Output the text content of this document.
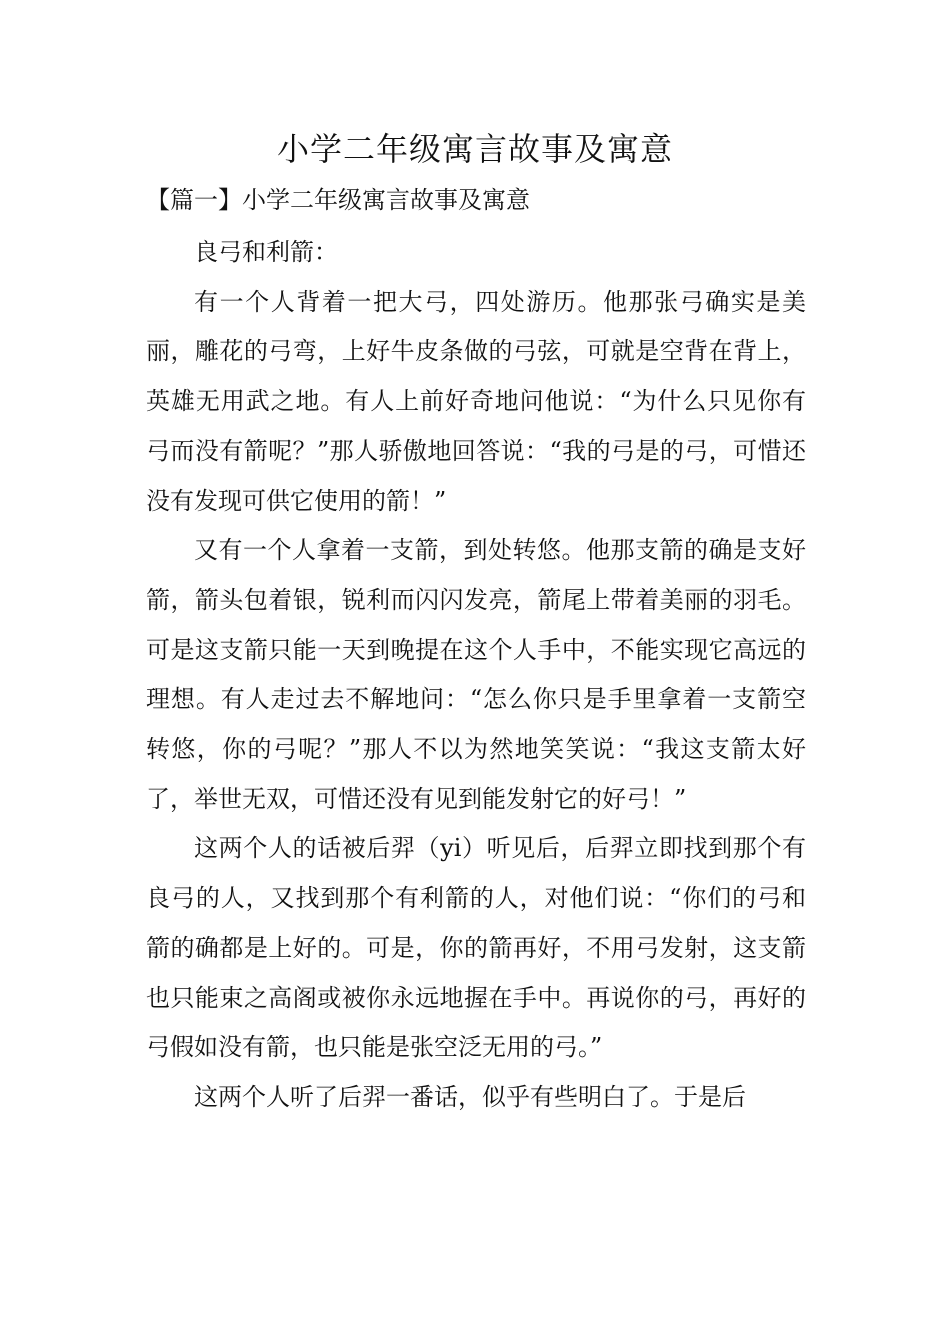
小学二年级寓言故事及寓意
【篇一】小学二年级寓言故事及寓意

良弓和利箭：

有一个人背着一把大弓，四处游历。他那张弓确实是美丽，雕花的弓弯，上好牛皮条做的弓弦，可就是空背在背上，英雄无用武之地。有人上前好奇地问他说：“为什么只见你有弓而没有箭呢？”那人骄傲地回答说：“我的弓是的弓，可惜还没有发现可供它使用的箭！”

又有一个人拿着一支箭，到处转悠。他那支箭的确是支好箭，箭头包着银，锐利而闪闪发亮，箭尾上带着美丽的羽毛。可是这支箭只能一天到晚提在这个人手中，不能实现它高远的理想。有人走过去不解地问：“怎么你只是手里拿着一支箭空转悠，你的弓呢？”那人不以为然地笑笑说：“我这支箭太好了，举世无双，可惜还没有见到能发射它的好弓！”

这两个人的话被后羿（yi）听见后，后羿立即找到那个有良弓的人，又找到那个有利箭的人，对他们说：“你们的弓和箭的确都是上好的。可是，你的箭再好，不用弓发射，这支箭也只能束之高阁或被你永远地握在手中。再说你的弓，再好的弓假如没有箭，也只能是张空泛无用的弓。”

这两个人听了后羿一番话，似乎有些明白了。于是后
